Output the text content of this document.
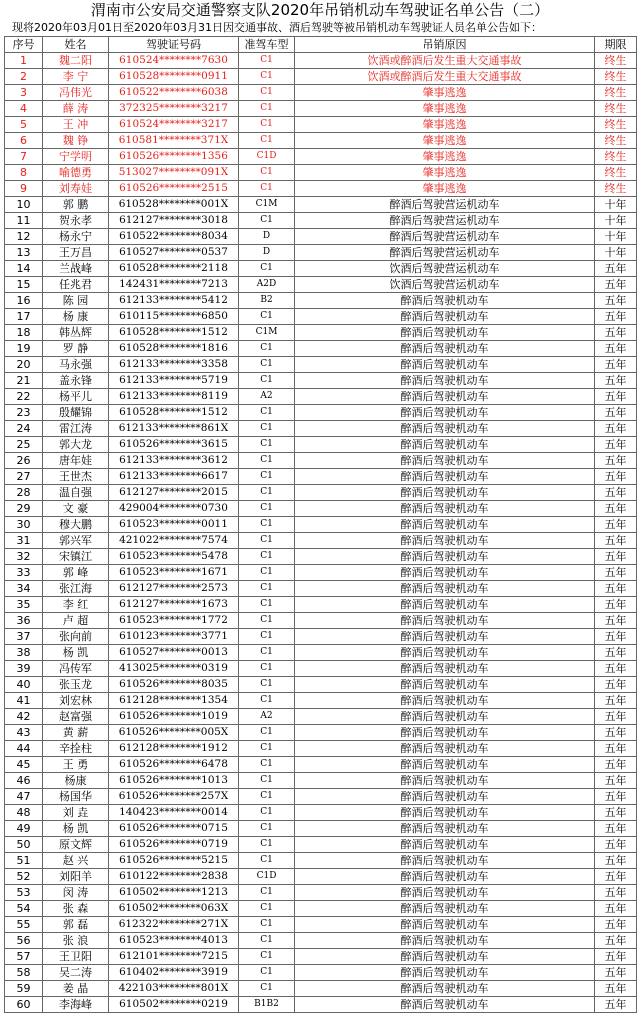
渭南市公安局交通警察支队2020年吊销机动车驾驶证名单公告（二）
现将2020年03月01日至2020年03月31日因交通事故、酒后驾驶等被吊销机动车驾驶证人员名单公告如下：
序号	姓名	驾驶证号码	准驾车型	吊销原因	期限
1	魏二阳	610524********7630	C1	饮酒或醉酒后发生重大交通事故	终生
2	李 宁	610528********0911	C1	饮酒或醉酒后发生重大交通事故	终生
3	冯伟光	610522********6038	C1	肇事逃逸	终生
4	薛 涛	372325********3217	C1	肇事逃逸	终生
5	王 冲	610524********3217	C1	肇事逃逸	终生
6	魏 铮	610581********371X	C1	肇事逃逸	终生
7	宁学明	610526********1356	C1D	肇事逃逸	终生
8	喻德勇	513027********091X	C1	肇事逃逸	终生
9	刘寿娃	610526********2515	C1	肇事逃逸	终生
10	郭 鹏	610528********001X	C1M	醉酒后驾驶营运机动车	十年
11	贺永孝	612127********3018	C1	醉酒后驾驶营运机动车	十年
12	杨永宁	610522********8034	D	醉酒后驾驶营运机动车	十年
13	王万昌	610527********0537	D	醉酒后驾驶营运机动车	十年
14	兰战峰	610528********2118	C1	饮酒后驾驶营运机动车	五年
15	任兆君	142431********7213	A2D	饮酒后驾驶营运机动车	五年
16	陈 园	612133********5412	B2	醉酒后驾驶机动车	五年
17	杨 康	610115********6850	C1	醉酒后驾驶机动车	五年
18	韩丛辉	610528********1512	C1M	醉酒后驾驶机动车	五年
19	罗 静	610528********1816	C1	醉酒后驾驶机动车	五年
20	马永强	612133********3358	C1	醉酒后驾驶机动车	五年
21	盖永锋	612133********5719	C1	醉酒后驾驶机动车	五年
22	杨平儿	612133********8119	A2	醉酒后驾驶机动车	五年
23	殷耀锦	610528********1512	C1	醉酒后驾驶机动车	五年
24	雷江涛	612133********861X	C1	醉酒后驾驶机动车	五年
25	郭大龙	610526********3615	C1	醉酒后驾驶机动车	五年
26	唐年娃	612133********3612	C1	醉酒后驾驶机动车	五年
27	王世杰	612133********6617	C1	醉酒后驾驶机动车	五年
28	温自强	612127********2015	C1	醉酒后驾驶机动车	五年
29	文 豪	429004********0730	C1	醉酒后驾驶机动车	五年
30	穆大鹏	610523********0011	C1	醉酒后驾驶机动车	五年
31	郭兴军	421022********7574	C1	醉酒后驾驶机动车	五年
32	宋镇江	610523********5478	C1	醉酒后驾驶机动车	五年
33	郭 峰	610523********1671	C1	醉酒后驾驶机动车	五年
34	张江海	612127********2573	C1	醉酒后驾驶机动车	五年
35	李 红	612127********1673	C1	醉酒后驾驶机动车	五年
36	卢 超	610523********1772	C1	醉酒后驾驶机动车	五年
37	张向前	610123********3771	C1	醉酒后驾驶机动车	五年
38	杨 凯	610527********0013	C1	醉酒后驾驶机动车	五年
39	冯传军	413025********0319	C1	醉酒后驾驶机动车	五年
40	张玉龙	610526********8035	C1	醉酒后驾驶机动车	五年
41	刘宏林	612128********1354	C1	醉酒后驾驶机动车	五年
42	赵富强	610526********1019	A2	醉酒后驾驶机动车	五年
43	黄 薪	610526********005X	C1	醉酒后驾驶机动车	五年
44	辛拴柱	612128********1912	C1	醉酒后驾驶机动车	五年
45	王 勇	610526********6478	C1	醉酒后驾驶机动车	五年
46	杨康	610526********1013	C1	醉酒后驾驶机动车	五年
47	杨国华	610526********257X	C1	醉酒后驾驶机动车	五年
48	刘 垚	140423********0014	C1	醉酒后驾驶机动车	五年
49	杨 凯	610526********0715	C1	醉酒后驾驶机动车	五年
50	原文辉	610526********0719	C1	醉酒后驾驶机动车	五年
51	赵 兴	610526********5215	C1	醉酒后驾驶机动车	五年
52	刘阳羊	610122********2838	C1D	醉酒后驾驶机动车	五年
53	闵 涛	610502********1213	C1	醉酒后驾驶机动车	五年
54	张 森	610502********063X	C1	醉酒后驾驶机动车	五年
55	郭 磊	612322********271X	C1	醉酒后驾驶机动车	五年
56	张 浪	610523********4013	C1	醉酒后驾驶机动车	五年
57	王卫阳	612101********7215	C1	醉酒后驾驶机动车	五年
58	吴二涛	610402********3919	C1	醉酒后驾驶机动车	五年
59	姜 晶	422103********801X	C1	醉酒后驾驶机动车	五年
60	李海峰	610502********0219	B1B2	醉酒后驾驶机动车	五年
